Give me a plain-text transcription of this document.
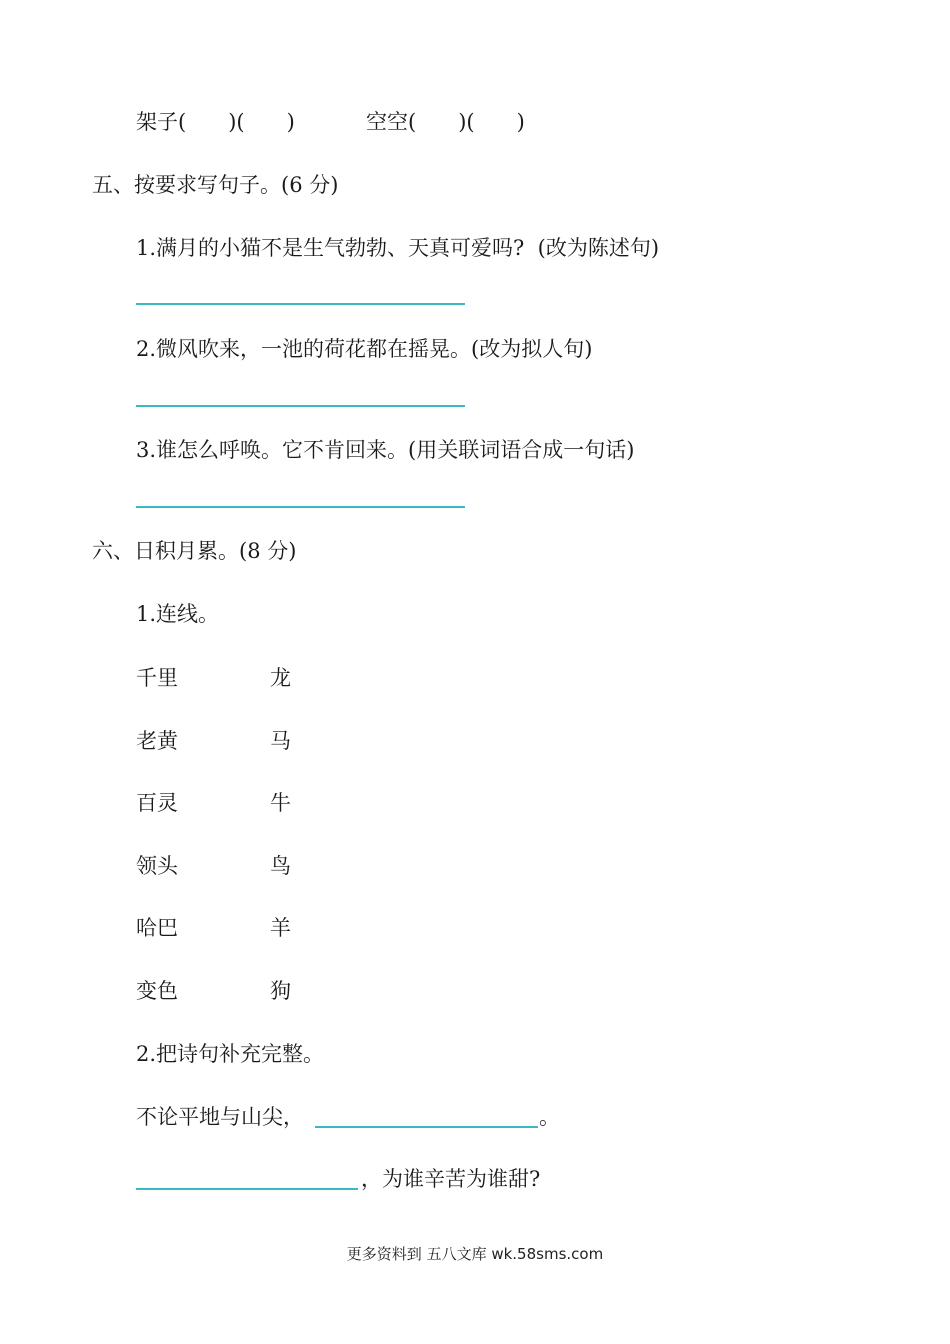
架子(　　)(　　)	空空(　　)(　　)
五、按要求写句子。(6 分)
1.满月的小猫不是生气勃勃、天真可爱吗?  (改为陈述句)
2.微风吹来，一池的荷花都在摇晃。(改为拟人句)
3.谁怎么呼唤。它不肯回来。(用关联词语合成一句话)
六、日积月累。(8 分)
1.连线。
千里	龙
老黄	马
百灵	牛
领头	鸟
哈巴	羊
变色	狗
2.把诗句补充完整。
不论平地与山尖，	。
，为谁辛苦为谁甜?
更多资料到 五八文库 wk.58sms.com
